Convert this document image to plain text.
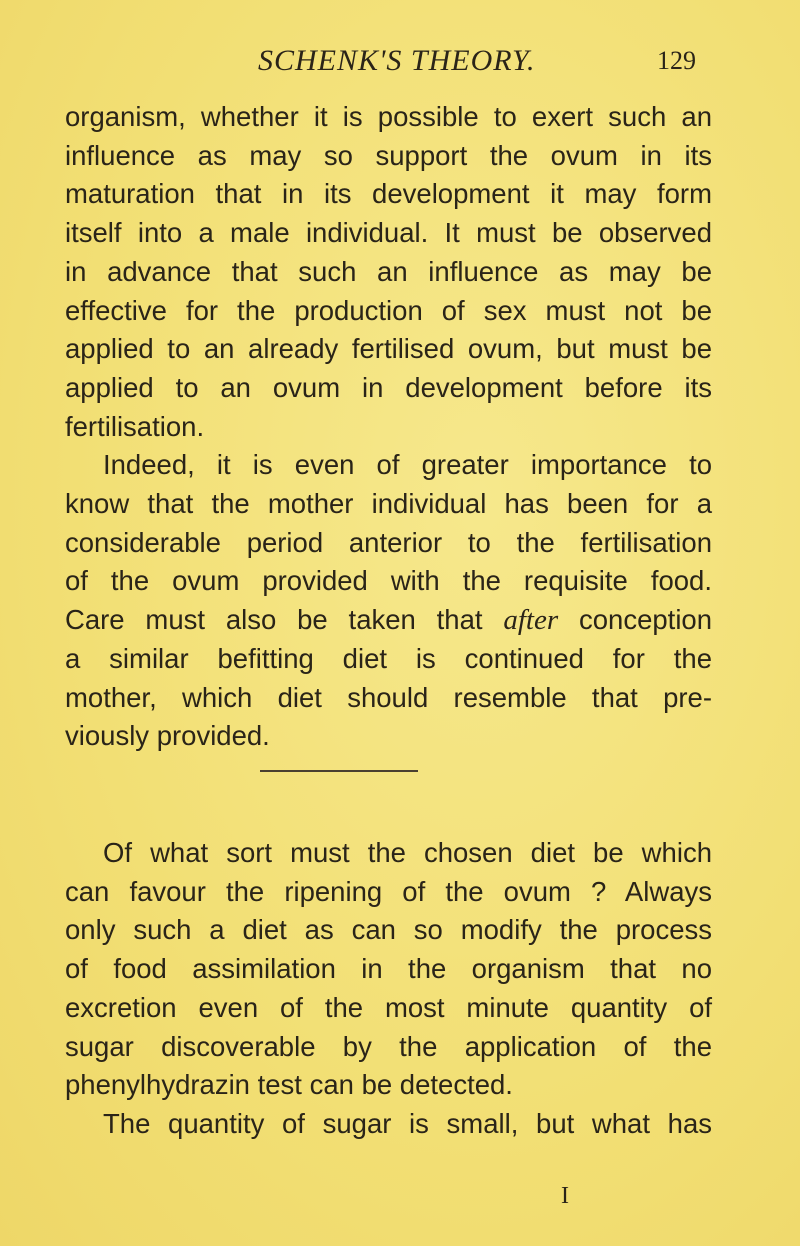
SCHENK'S THEORY.	129

organism, whether it is possible to exert such an
influence as may so support the ovum in its
maturation that in its development it may form
itself into a male individual. It must be observed
in advance that such an influence as may be
effective for the production of sex must not be
applied to an already fertilised ovum, but must be
applied to an ovum in development before its
fertilisation.

Indeed, it is even of greater importance to
know that the mother individual has been for a
considerable period anterior to the fertilisation
of the ovum provided with the requisite food.
Care must also be taken that after conception
a similar befitting diet is continued for the
mother, which diet should resemble that pre-
viously provided.

Of what sort must the chosen diet be which
can favour the ripening of the ovum ? Always
only such a diet as can so modify the process
of food assimilation in the organism that no
excretion even of the most minute quantity of
sugar discoverable by the application of the
phenylhydrazin test can be detected.

The quantity of sugar is small, but what has

I
